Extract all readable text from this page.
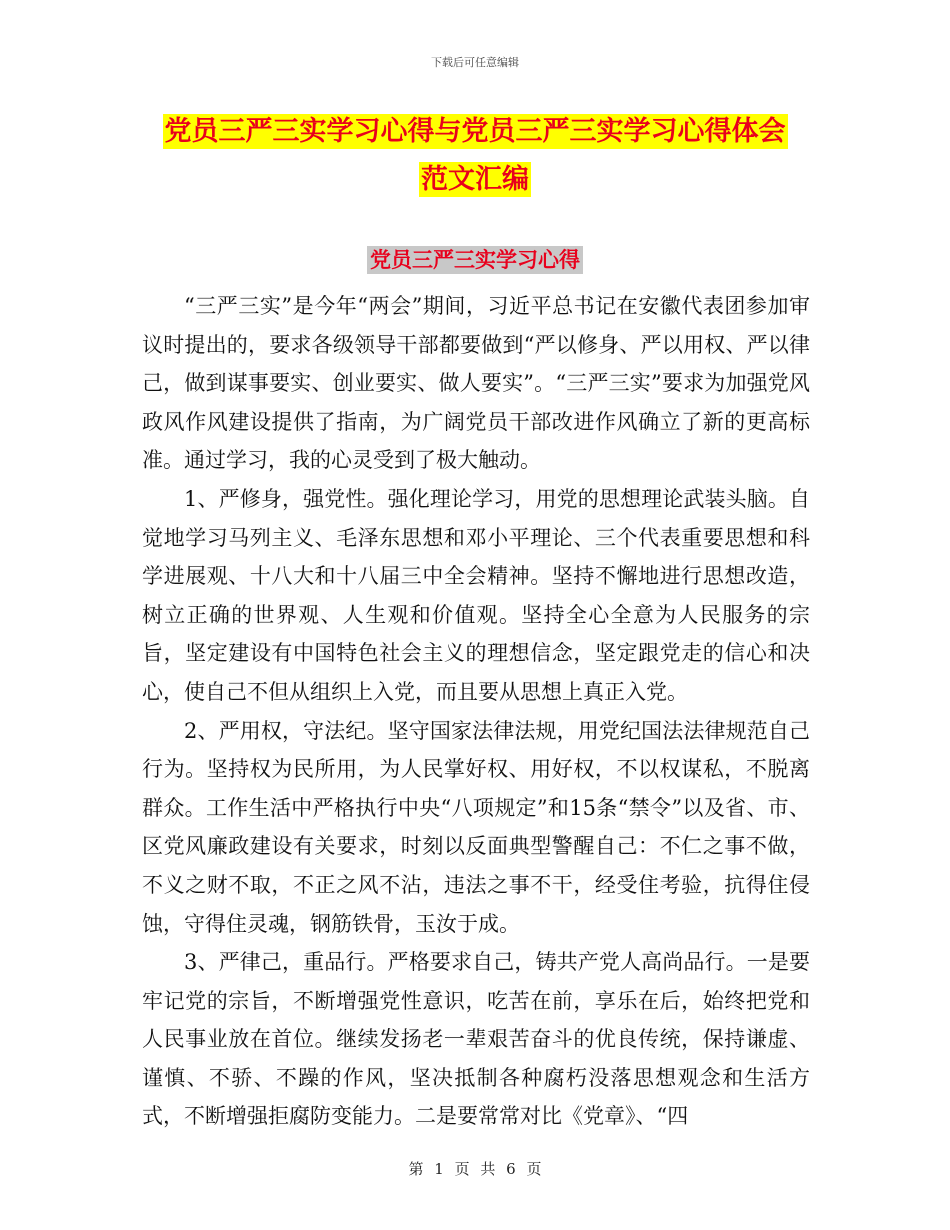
下载后可任意编辑
党员三严三实学习心得与党员三严三实学习心得体会
范文汇编
党员三严三实学习心得

“三严三实”是今年“两会”期间，习近平总书记在安徽代表团参加审议时提出的，要求各级领导干部都要做到“严以修身、严以用权、严以律己，做到谋事要实、创业要实、做人要实”。“三严三实”要求为加强党风政风作风建设提供了指南，为广阔党员干部改进作风确立了新的更高标准。通过学习，我的心灵受到了极大触动。

1、严修身，强党性。强化理论学习，用党的思想理论武装头脑。自觉地学习马列主义、毛泽东思想和邓小平理论、三个代表重要思想和科学进展观、十八大和十八届三中全会精神。坚持不懈地进行思想改造，树立正确的世界观、人生观和价值观。坚持全心全意为人民服务的宗旨，坚定建设有中国特色社会主义的理想信念，坚定跟党走的信心和决心，使自己不但从组织上入党，而且要从思想上真正入党。

2、严用权，守法纪。坚守国家法律法规，用党纪国法法律规范自己行为。坚持权为民所用，为人民掌好权、用好权，不以权谋私，不脱离群众。工作生活中严格执行中央“八项规定”和15条“禁令”以及省、市、区党风廉政建设有关要求，时刻以反面典型警醒自己：不仁之事不做，不义之财不取，不正之风不沾，违法之事不干，经受住考验，抗得住侵蚀，守得住灵魂，钢筋铁骨，玉汝于成。

3、严律己，重品行。严格要求自己，铸共产党人高尚品行。一是要牢记党的宗旨，不断增强党性意识，吃苦在前，享乐在后，始终把党和人民事业放在首位。继续发扬老一辈艰苦奋斗的优良传统，保持谦虚、谨慎、不骄、不躁的作风，坚决抵制各种腐朽没落思想观念和生活方式，不断增强拒腐防变能力。二是要常常对比《党章》、“四

第 1 页 共 6 页
